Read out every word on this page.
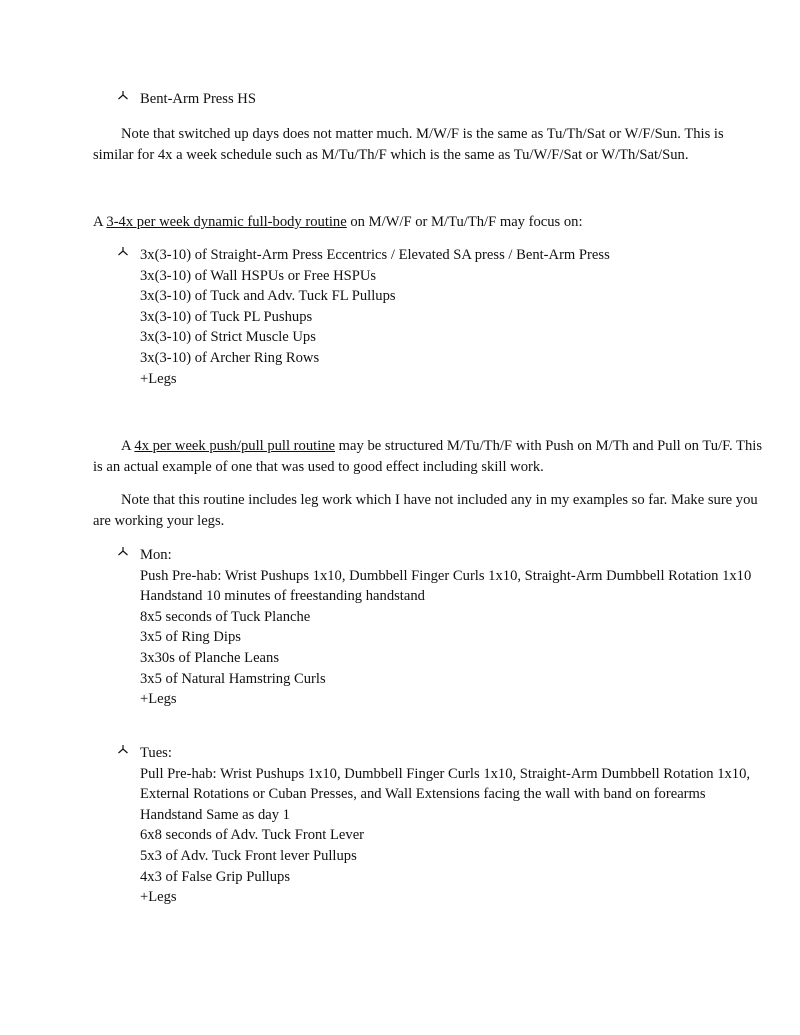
Bent-Arm Press HS
Note that switched up days does not matter much. M/W/F is the same as Tu/Th/Sat or W/F/Sun. This is similar for 4x a week schedule such as M/Tu/Th/F which is the same as Tu/W/F/Sat or W/Th/Sat/Sun.
A 3-4x per week dynamic full-body routine on M/W/F or M/Tu/Th/F may focus on:
3x(3-10) of Straight-Arm Press Eccentrics / Elevated SA press / Bent-Arm Press
3x(3-10) of Wall HSPUs or Free HSPUs
3x(3-10) of Tuck and Adv. Tuck FL Pullups
3x(3-10) of Tuck PL Pushups
3x(3-10) of Strict Muscle Ups
3x(3-10) of Archer Ring Rows
+Legs
A 4x per week push/pull pull routine may be structured M/Tu/Th/F with Push on M/Th and Pull on Tu/F. This is an actual example of one that was used to good effect including skill work.
Note that this routine includes leg work which I have not included any in my examples so far. Make sure you are working your legs.
Mon:
Push Pre-hab: Wrist Pushups 1x10, Dumbbell Finger Curls 1x10, Straight-Arm Dumbbell Rotation 1x10
Handstand 10 minutes of freestanding handstand
8x5 seconds of Tuck Planche
3x5 of Ring Dips
3x30s of Planche Leans
3x5 of Natural Hamstring Curls
+Legs
Tues:
Pull Pre-hab: Wrist Pushups 1x10, Dumbbell Finger Curls 1x10, Straight-Arm Dumbbell Rotation 1x10, External Rotations or Cuban Presses, and Wall Extensions facing the wall with band on forearms
Handstand Same as day 1
6x8 seconds of Adv. Tuck Front Lever
5x3 of Adv. Tuck Front lever Pullups
4x3 of False Grip Pullups
+Legs
